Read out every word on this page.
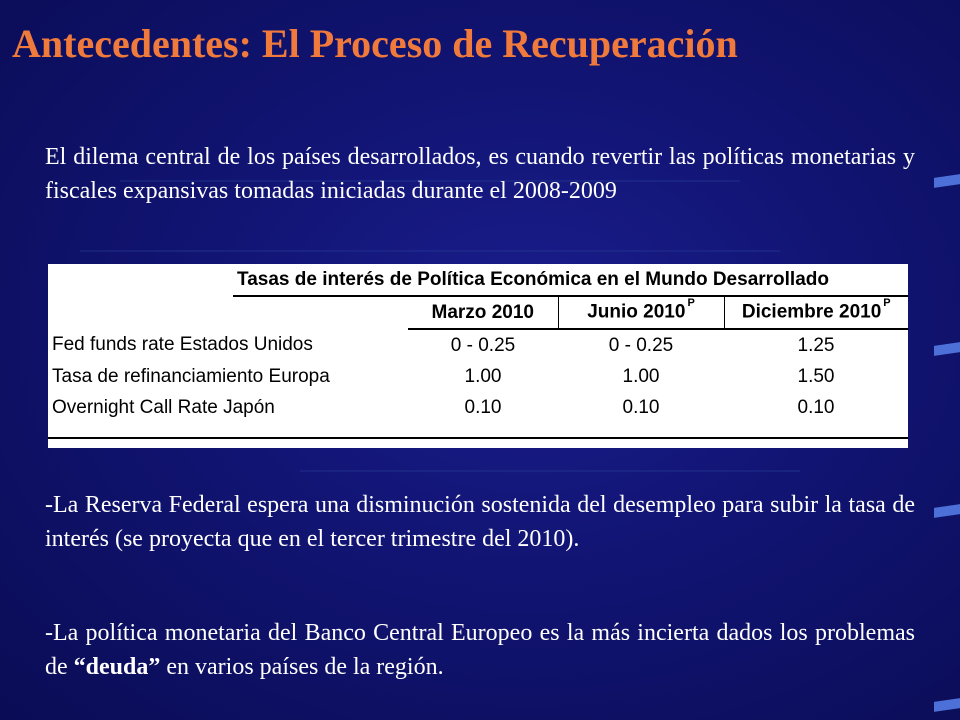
Antecedentes: El Proceso de Recuperación

El dilema central de los países desarrollados, es cuando revertir las políticas monetarias y fiscales expansivas tomadas iniciadas durante el 2008-2009

	Tasas de interés de Política Económica en el Mundo Desarrollado			
		Marzo 2010	Junio 2010 $^P$	Diciembre 2010 $^P$
Fed funds rate Estados Unidos		0 - 0.25	0 - 0.25	1.25
Tasa de refinanciamiento Europa		1.00	1.00	1.50
Overnight Call Rate Japón		0.10	0.10	0.10

-La Reserva Federal espera una disminución sostenida del desempleo para subir la tasa de interés (se proyecta que en el tercer trimestre del 2010).

-La política monetaria del Banco Central Europeo es la más incierta dados los problemas de “deuda” en varios países de la región.
